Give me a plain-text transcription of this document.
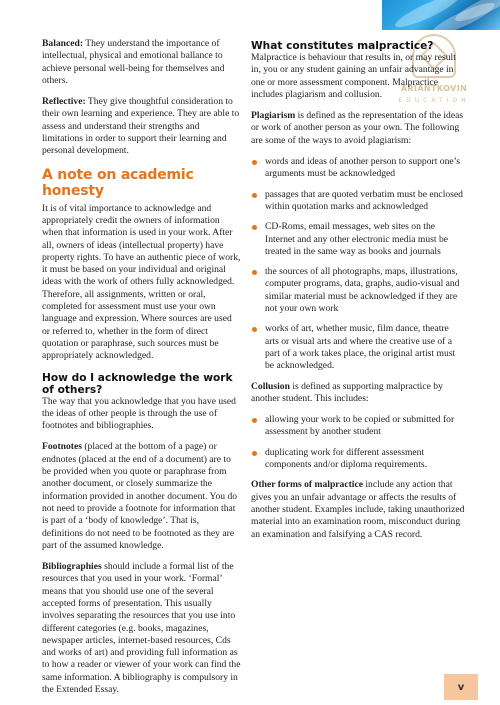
ARIANTKOVIN
EDUCATION

Balanced: They understand the importance of intellectual, physical and emotional ballance to achieve personal well-being for themselves and others.

Reflective: They give thoughtful consideration to their own learning and experience. They are able to assess and understand their strengths and limitations in order to support their learning and personal development.

A note on academic honesty

It is of vital importance to acknowledge and appropriately credit the owners of information when that information is used in your work. After all, owners of ideas (intellectual property) have property rights. To have an authentic piece of work, it must be based on your individual and original ideas with the work of others fully acknowledged. Therefore, all assignments, written or oral, completed for assessment must use your own language and expression. Where sources are used or referred to, whether in the form of direct quotation or paraphrase, such sources must be appropriately acknowledged.

How do I acknowledge the work of others?

The way that you acknowledge that you have used the ideas of other people is through the use of footnotes and bibliographies.

Footnotes (placed at the bottom of a page) or endnotes (placed at the end of a document) are to be provided when you quote or paraphrase from another document, or closely summarize the information provided in another document. You do not need to provide a footnote for information that is part of a ‘body of knowledge’. That is, definitions do not need to be footnoted as they are part of the assumed knowledge.

Bibliographies should include a formal list of the resources that you used in your work. ‘Formal’ means that you should use one of the several accepted forms of presentation. This usually involves separating the resources that you use into different categories (e.g. books, magazines, newspaper articles, internet-based resources, Cds and works of art) and providing full information as to how a reader or viewer of your work can find the same information. A bibliography is compulsory in the Extended Essay.

What constitutes malpractice?

Malpractice is behaviour that results in, or may result in, you or any student gaining an unfair advantage in one or more assessment component. Malpractice includes plagiarism and collusion.

Plagiarism is defined as the representation of the ideas or work of another person as your own. The following are some of the ways to avoid plagiarism:

words and ideas of another person to support one’s arguments must be acknowledged
passages that are quoted verbatim must be enclosed within quotation marks and acknowledged
CD-Roms, email messages, web sites on the Internet and any other electronic media must be treated in the same way as books and journals
the sources of all photographs, maps, illustrations, computer programs, data, graphs, audio-visual and similar material must be acknowledged if they are not your own work
works of art, whether music, film dance, theatre arts or visual arts and where the creative use of a part of a work takes place, the original artist must be acknowledged.

Collusion is defined as supporting malpractice by another student. This includes:

allowing your work to be copied or submitted for assessment by another student
duplicating work for different assessment components and/or diploma requirements.

Other forms of malpractice include any action that gives you an unfair advantage or affects the results of another student. Examples include, taking unauthorized material into an examination room, misconduct during an examination and falsifying a CAS record.

v
